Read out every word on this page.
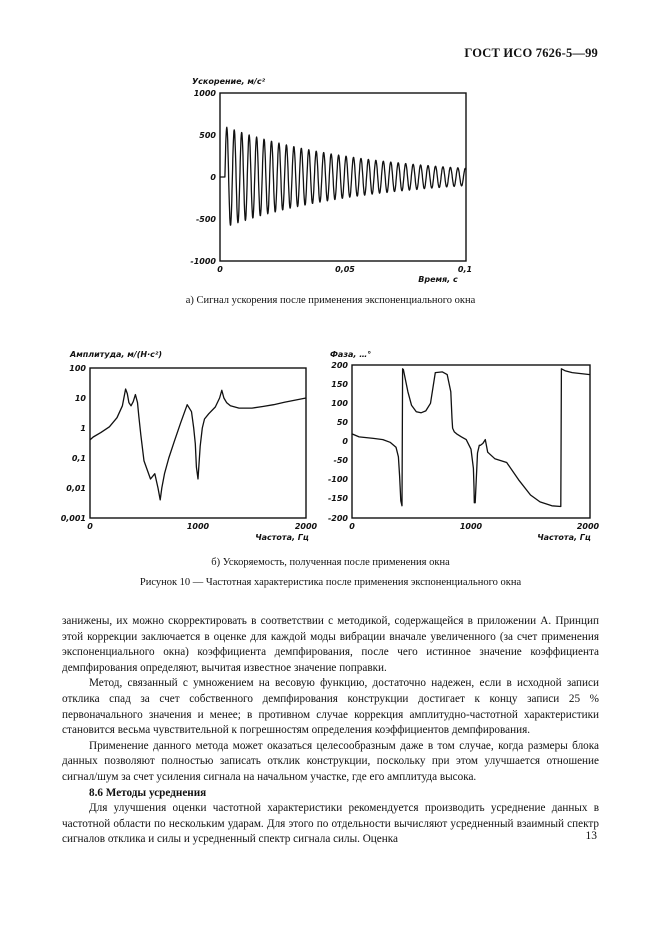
ГОСТ ИСО 7626-5—99
Ускорение, м/с²
1000
500
0
-500
-1000
0	0,05	0,1
Время, с
а) Сигнал ускорения после применения экспоненциального окна
Амплитуда, м/(Н·с²)
100
10
1
0,1
0,01
0,001
0	1000	2000
Частота, Гц
Фаза, …°
200
150
100
50
0
-50
-100
-150
-200
0	1000	2000
Частота, Гц
б) Ускоряемость, полученная после применения окна
Рисунок 10 — Частотная характеристика после применения экспоненциального окна

занижены, их можно скорректировать в соответствии с методикой, содержащейся в приложении А. Принцип этой коррекции заключается в оценке для каждой моды вибрации вначале увеличенного (за счет применения экспоненциального окна) коэффициента демпфирования, после чего истинное значение коэффициента демпфирования определяют, вычитая известное значение поправки.

Метод, связанный с умножением на весовую функцию, достаточно надежен, если в исходной записи отклика спад за счет собственного демпфирования конструкции достигает к концу записи 25 % первоначального значения и менее; в противном случае коррекция амплитудно-частотной характеристики становится весьма чувствительной к погрешностям определения коэффициентов демпфирования.

Применение данного метода может оказаться целесообразным даже в том случае, когда размеры блока данных позволяют полностью записать отклик конструкции, поскольку при этом улучшается отношение сигнал/шум за счет усиления сигнала на начальном участке, где его амплитуда высока.

8.6 Методы усреднения

Для улучшения оценки частотной характеристики рекомендуется производить усреднение данных в частотной области по нескольким ударам. Для этого по отдельности вычисляют усредненный взаимный спектр сигналов отклика и силы и усредненный спектр сигнала силы. Оценка	13
